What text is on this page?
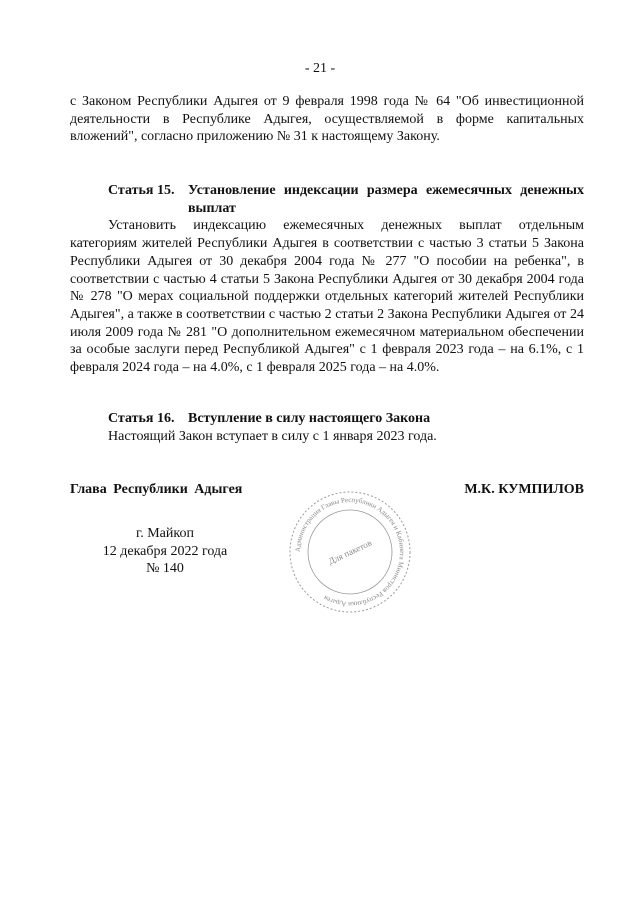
- 21 -
с Законом Республики Адыгея от 9 февраля 1998 года № 64 "Об инвестиционной деятельности в Республике Адыгея, осуществляемой в форме капитальных вложений", согласно приложению № 31 к настоящему Закону.
Статья 15. Установление индексации размера ежемесячных денежных выплат
Установить индексацию ежемесячных денежных выплат отдельным категориям жителей Республики Адыгея в соответствии с частью 3 статьи 5 Закона Республики Адыгея от 30 декабря 2004 года № 277 "О пособии на ребенка", в соответствии с частью 4 статьи 5 Закона Республики Адыгея от 30 декабря 2004 года № 278 "О мерах социальной поддержки отдельных категорий жителей Республики Адыгея", а также в соответствии с частью 2 статьи 2 Закона Республики Адыгея от 24 июля 2009 года № 281 "О дополнительном ежемесячном материальном обеспечении за особые заслуги перед Республикой Адыгея" с 1 февраля 2023 года – на 6.1%, с 1 февраля 2024 года – на 4.0%, с 1 февраля 2025 года – на 4.0%.
Статья 16. Вступление в силу настоящего Закона
Настоящий Закон вступает в силу с 1 января 2023 года.
Глава Республики Адыгея	М.К. КУМПИЛОВ
г. Майкоп
12 декабря 2022 года
№ 140
Администрация Главы Республики Адыгея и Кабинета Министров Республики Адыгея
Для пакетов
